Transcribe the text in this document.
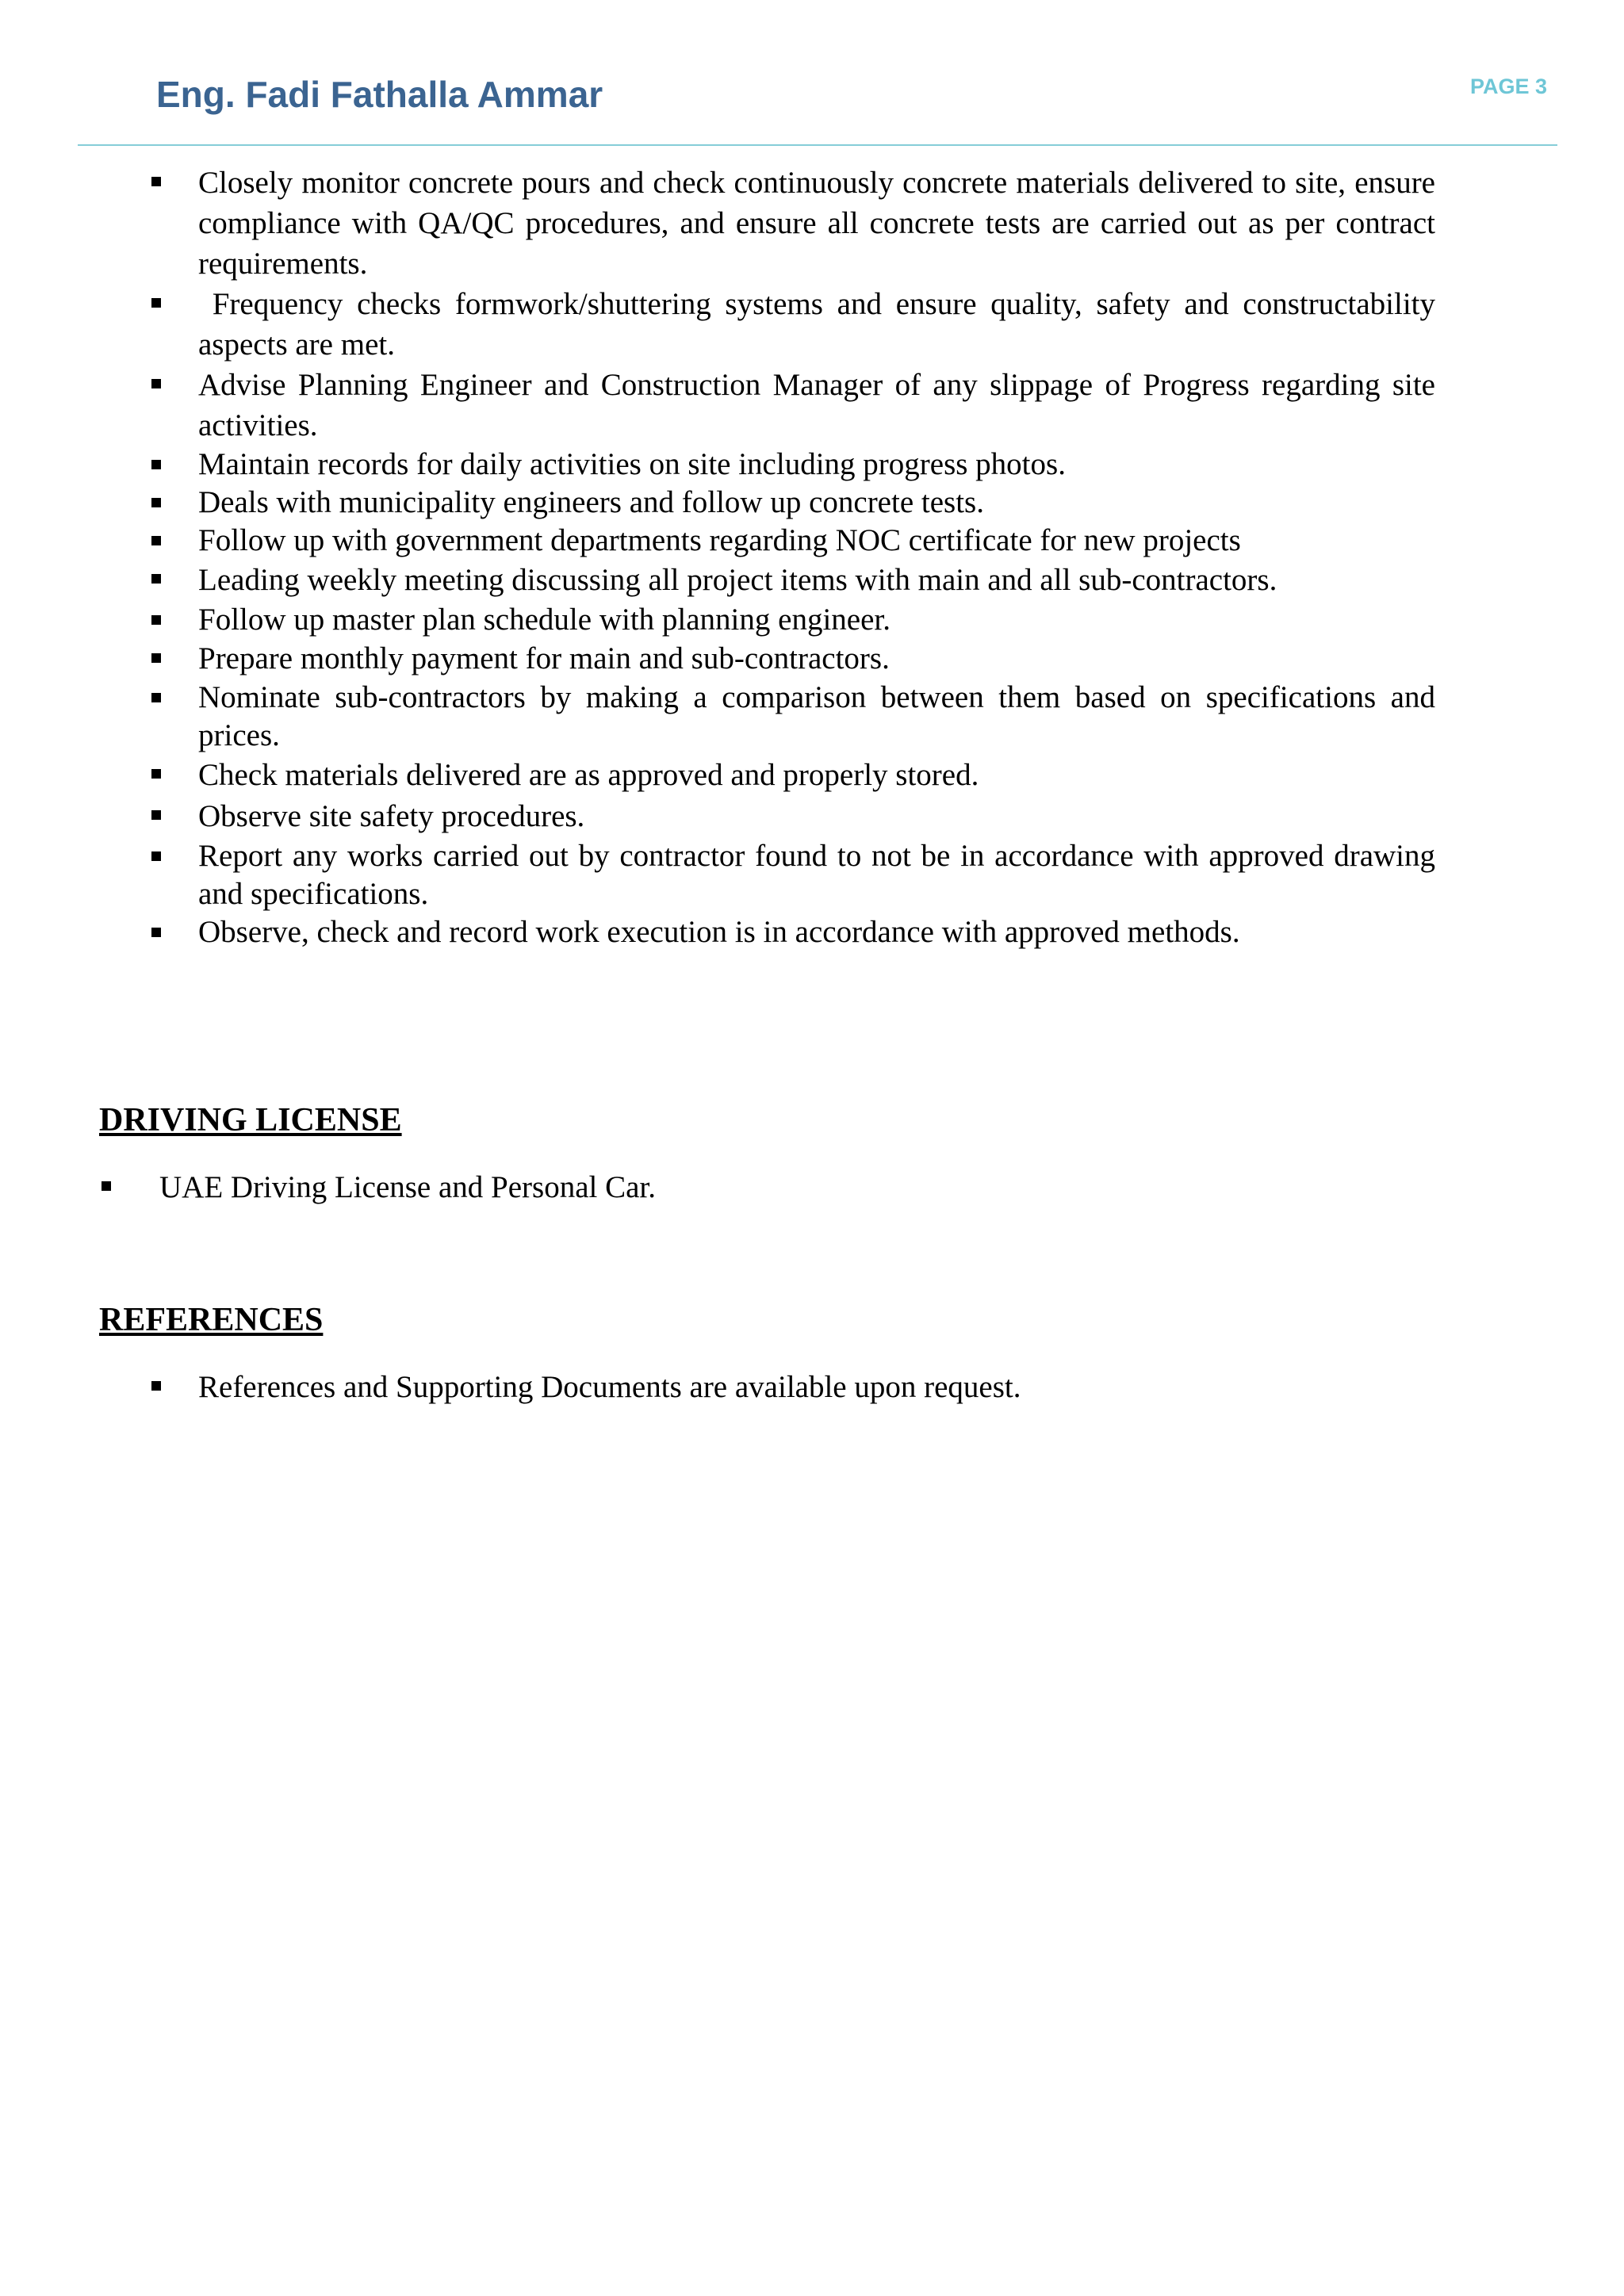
Eng. Fadi Fathalla Ammar	PAGE 3
Closely monitor concrete pours and check continuously concrete materials delivered to site, ensure compliance with QA/QC procedures, and ensure all concrete tests are carried out as per contract requirements.
Frequency checks formwork/shuttering systems and ensure quality, safety and constructability aspects are met.
Advise Planning Engineer and Construction Manager of any slippage of Progress regarding site activities.
Maintain records for daily activities on site including progress photos.
Deals with municipality engineers and follow up concrete tests.
Follow up with government departments regarding NOC certificate for new projects
Leading weekly meeting discussing all project items with main and all sub-contractors.
Follow up master plan schedule with planning engineer.
Prepare monthly payment for main and sub-contractors.
Nominate sub-contractors by making a comparison between them based on specifications and prices.
Check materials delivered are as approved and properly stored.
Observe site safety procedures.
Report any works carried out by contractor found to not be in accordance with approved drawing and specifications.
Observe, check and record work execution is in accordance with approved methods.
DRIVING LICENSE
UAE Driving License and Personal Car.
REFERENCES
References and Supporting Documents are available upon request.
